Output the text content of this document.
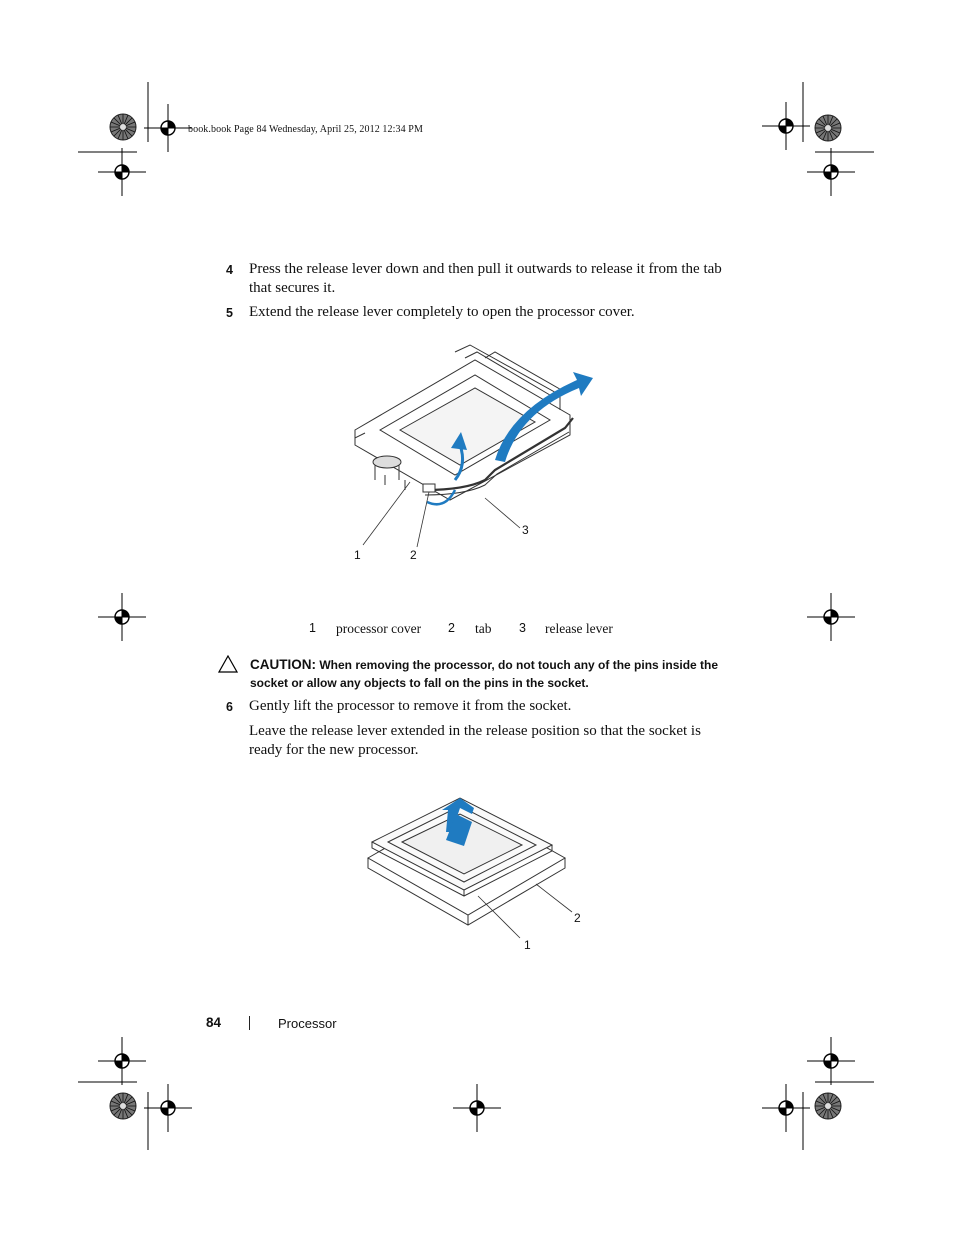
book.book Page 84 Wednesday, April 25, 2012 12:34 PM
4 Press the release lever down and then pull it outwards to release it from the tab that secures it.
5 Extend the release lever completely to open the processor cover.
1	2
3
1 processor cover 2 tab 3 release lever
CAUTION: When removing the processor, do not touch any of the pins inside the socket or allow any objects to fall on the pins in the socket.
6 Gently lift the processor to remove it from the socket.
Leave the release lever extended in the release position so that the socket is ready for the new processor.
1
2
84	Processor
